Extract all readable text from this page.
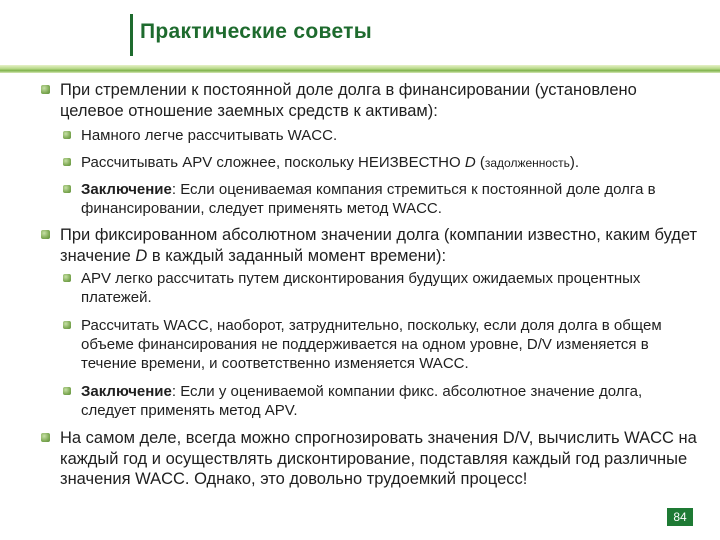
Практические советы
При стремлении к постоянной доле долга в финансировании (установлено целевое отношение заемных средств к активам):
Намного легче рассчитывать WACC.
Рассчитывать APV сложнее, поскольку НЕИЗВЕСТНО D (задолженность).
Заключение: Если оцениваемая компания стремиться к постоянной доле долга в финансировании, следует применять метод WACC.
При фиксированном абсолютном значении долга (компании известно, каким будет значение D в каждый заданный момент времени):
APV легко рассчитать путем дисконтирования будущих ожидаемых процентных платежей.
Рассчитать WACC, наоборот, затруднительно, поскольку, если доля долга в общем объеме финансирования не поддерживается на одном уровне, D/V изменяется в течение времени, и соответственно изменяется WACC.
Заключение: Если у оцениваемой компании фикс. абсолютное значение долга, следует применять метод APV.
На самом деле, всегда можно спрогнозировать значения D/V, вычислить WACC на каждый год и осуществлять дисконтирование, подставляя каждый год различные значения WACC. Однако, это довольно трудоемкий процесс!
84
